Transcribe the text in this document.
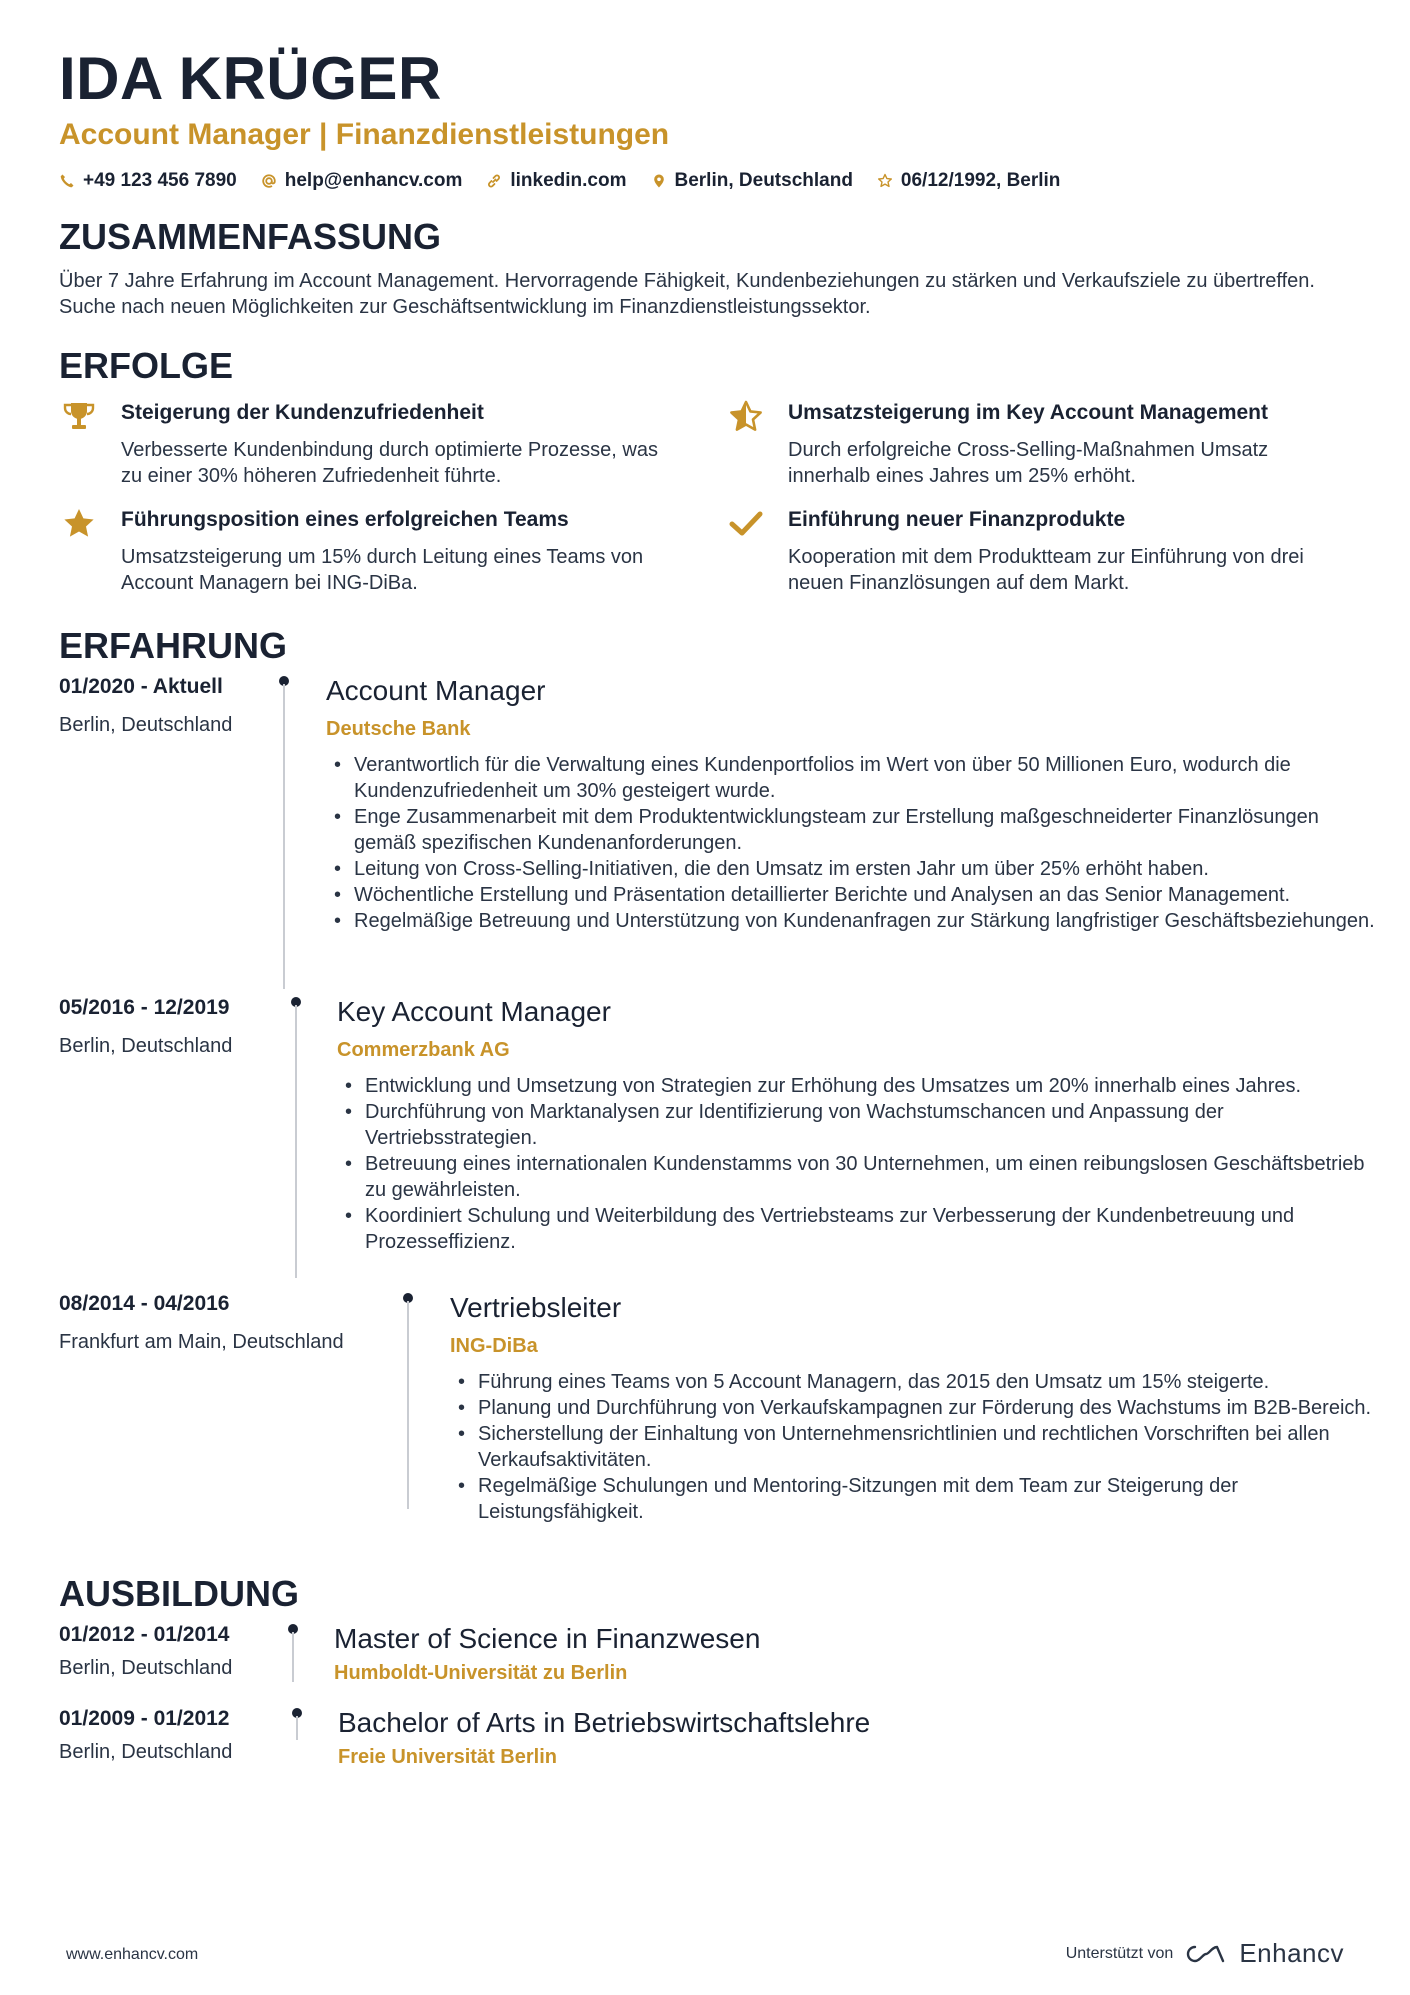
IDA KRÜGER
Account Manager | Finanzdienstleistungen
+49 123 456 7890	help@enhancv.com	linkedin.com	Berlin, Deutschland	06/12/1992, Berlin
ZUSAMMENFASSUNG
Über 7 Jahre Erfahrung im Account Management. Hervorragende Fähigkeit, Kundenbeziehungen zu stärken und Verkaufsziele zu übertreffen. Suche nach neuen Möglichkeiten zur Geschäftsentwicklung im Finanzdienstleistungssektor.
ERFOLGE
Steigerung der Kundenzufriedenheit
Verbesserte Kundenbindung durch optimierte Prozesse, was zu einer 30% höheren Zufriedenheit führte.
Umsatzsteigerung im Key Account Management
Durch erfolgreiche Cross-Selling-Maßnahmen Umsatz innerhalb eines Jahres um 25% erhöht.
Führungsposition eines erfolgreichen Teams
Umsatzsteigerung um 15% durch Leitung eines Teams von Account Managern bei ING-DiBa.
Einführung neuer Finanzprodukte
Kooperation mit dem Produktteam zur Einführung von drei neuen Finanzlösungen auf dem Markt.
ERFAHRUNG
01/2020 - Aktuell
Berlin, Deutschland
Account Manager
Deutsche Bank
• Verantwortlich für die Verwaltung eines Kundenportfolios im Wert von über 50 Millionen Euro, wodurch die Kundenzufriedenheit um 30% gesteigert wurde.
• Enge Zusammenarbeit mit dem Produktentwicklungsteam zur Erstellung maßgeschneiderter Finanzlösungen gemäß spezifischen Kundenanforderungen.
• Leitung von Cross-Selling-Initiativen, die den Umsatz im ersten Jahr um über 25% erhöht haben.
• Wöchentliche Erstellung und Präsentation detaillierter Berichte und Analysen an das Senior Management.
• Regelmäßige Betreuung und Unterstützung von Kundenanfragen zur Stärkung langfristiger Geschäftsbeziehungen.
05/2016 - 12/2019
Berlin, Deutschland
Key Account Manager
Commerzbank AG
• Entwicklung und Umsetzung von Strategien zur Erhöhung des Umsatzes um 20% innerhalb eines Jahres.
• Durchführung von Marktanalysen zur Identifizierung von Wachstumschancen und Anpassung der Vertriebsstrategien.
• Betreuung eines internationalen Kundenstamms von 30 Unternehmen, um einen reibungslosen Geschäftsbetrieb zu gewährleisten.
• Koordiniert Schulung und Weiterbildung des Vertriebsteams zur Verbesserung der Kundenbetreuung und Prozesseffizienz.
08/2014 - 04/2016
Frankfurt am Main, Deutschland
Vertriebsleiter
ING-DiBa
• Führung eines Teams von 5 Account Managern, das 2015 den Umsatz um 15% steigerte.
• Planung und Durchführung von Verkaufskampagnen zur Förderung des Wachstums im B2B-Bereich.
• Sicherstellung der Einhaltung von Unternehmensrichtlinien und rechtlichen Vorschriften bei allen Verkaufsaktivitäten.
• Regelmäßige Schulungen und Mentoring-Sitzungen mit dem Team zur Steigerung der Leistungsfähigkeit.
AUSBILDUNG
01/2012 - 01/2014
Berlin, Deutschland
Master of Science in Finanzwesen
Humboldt-Universität zu Berlin
01/2009 - 01/2012
Berlin, Deutschland
Bachelor of Arts in Betriebswirtschaftslehre
Freie Universität Berlin
www.enhancv.com	Unterstützt von	Enhancv
